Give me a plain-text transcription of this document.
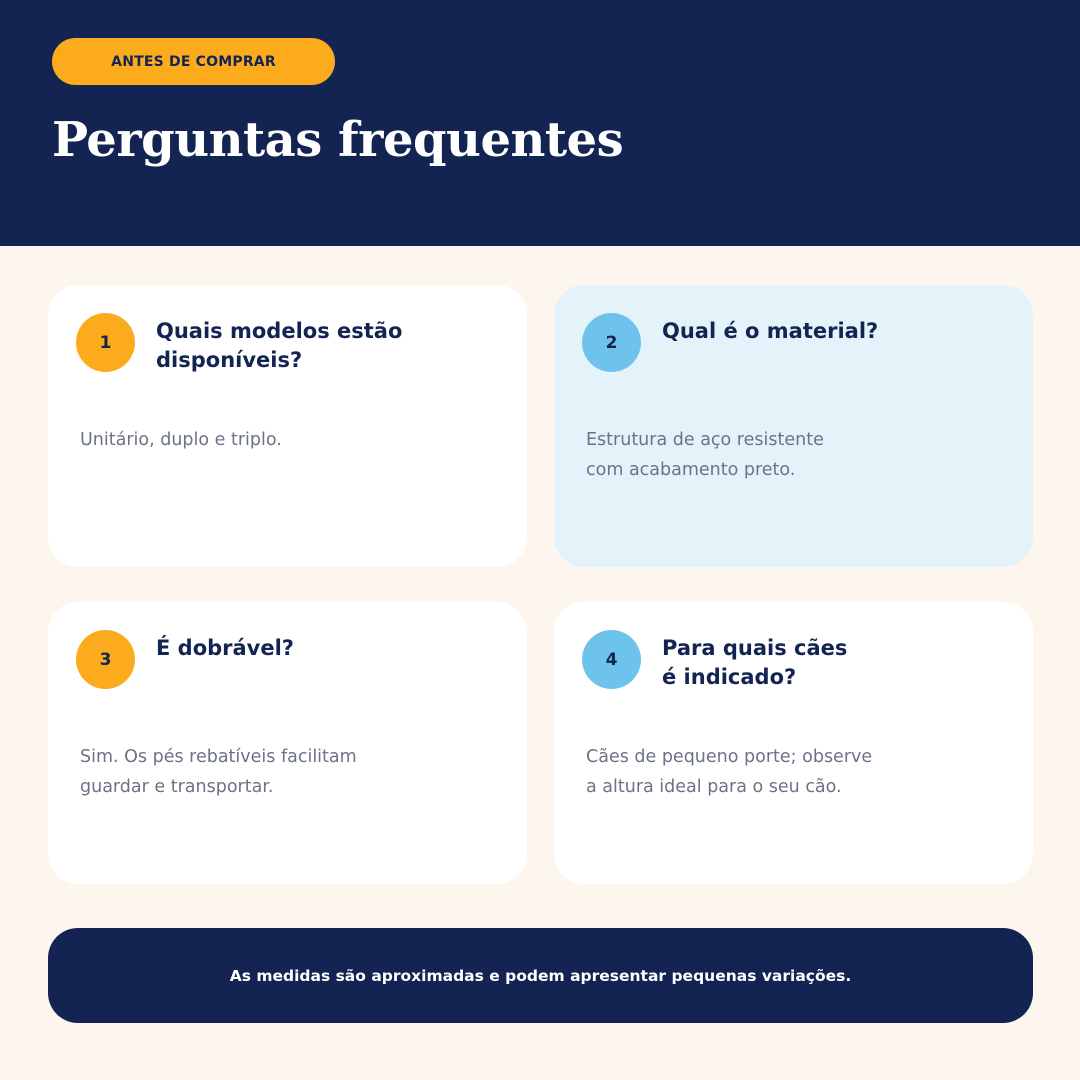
ANTES DE COMPRAR
Perguntas frequentes
1	Quais modelos estão disponíveis?
Unitário, duplo e triplo.
2	Qual é o material?
Estrutura de aço resistente com acabamento preto.
3	É dobrável?
Sim. Os pés rebatíveis facilitam guardar e transportar.
4	Para quais cães é indicado?
Cães de pequeno porte; observe a altura ideal para o seu cão.
As medidas são aproximadas e podem apresentar pequenas variações.
